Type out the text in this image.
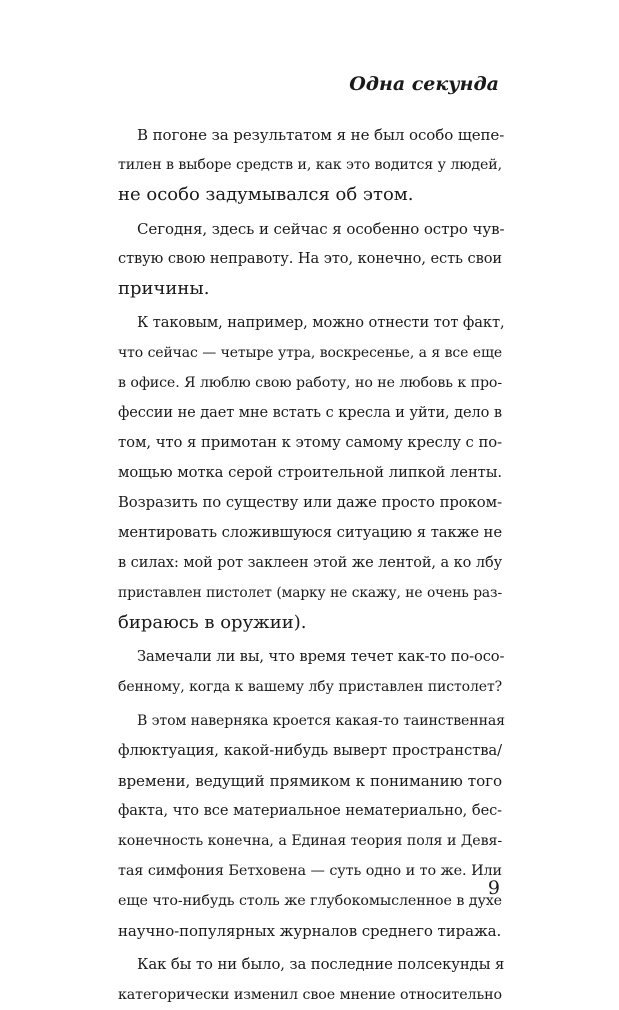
Одна секунда
В погоне за результатом я не был особо щепе-
тилен в выборе средств и, как это водится у людей,
не особо задумывался об этом.
Сегодня, здесь и сейчас я особенно остро чув-
ствую свою неправоту. На это, конечно, есть свои
причины.
К таковым, например, можно отнести тот факт,
что сейчас — четыре утра, воскресенье, а я все еще
в офисе. Я люблю свою работу, но не любовь к про-
фессии не дает мне встать с кресла и уйти, дело в
том, что я примотан к этому самому креслу с по-
мощью мотка серой строительной липкой ленты.
Возразить по существу или даже просто проком-
ментировать сложившуюся ситуацию я также не
в силах: мой рот заклеен этой же лентой, а ко лбу
приставлен пистолет (марку не скажу, не очень раз-
бираюсь в оружии).
Замечали ли вы, что время течет как-то по-осо-
бенному, когда к вашему лбу приставлен пистолет?
В этом наверняка кроется какая-то таинственная
флюктуация, какой-нибудь выверт пространства/
времени, ведущий прямиком к пониманию того
факта, что все материальное нематериально, бес-
конечность конечна, а Единая теория поля и Девя-
тая симфония Бетховена — суть одно и то же. Или
еще что-нибудь столь же глубокомысленное в духе
научно-популярных журналов среднего тиража.
Как бы то ни было, за последние полсекунды я
категорически изменил свое мнение относительно
9
